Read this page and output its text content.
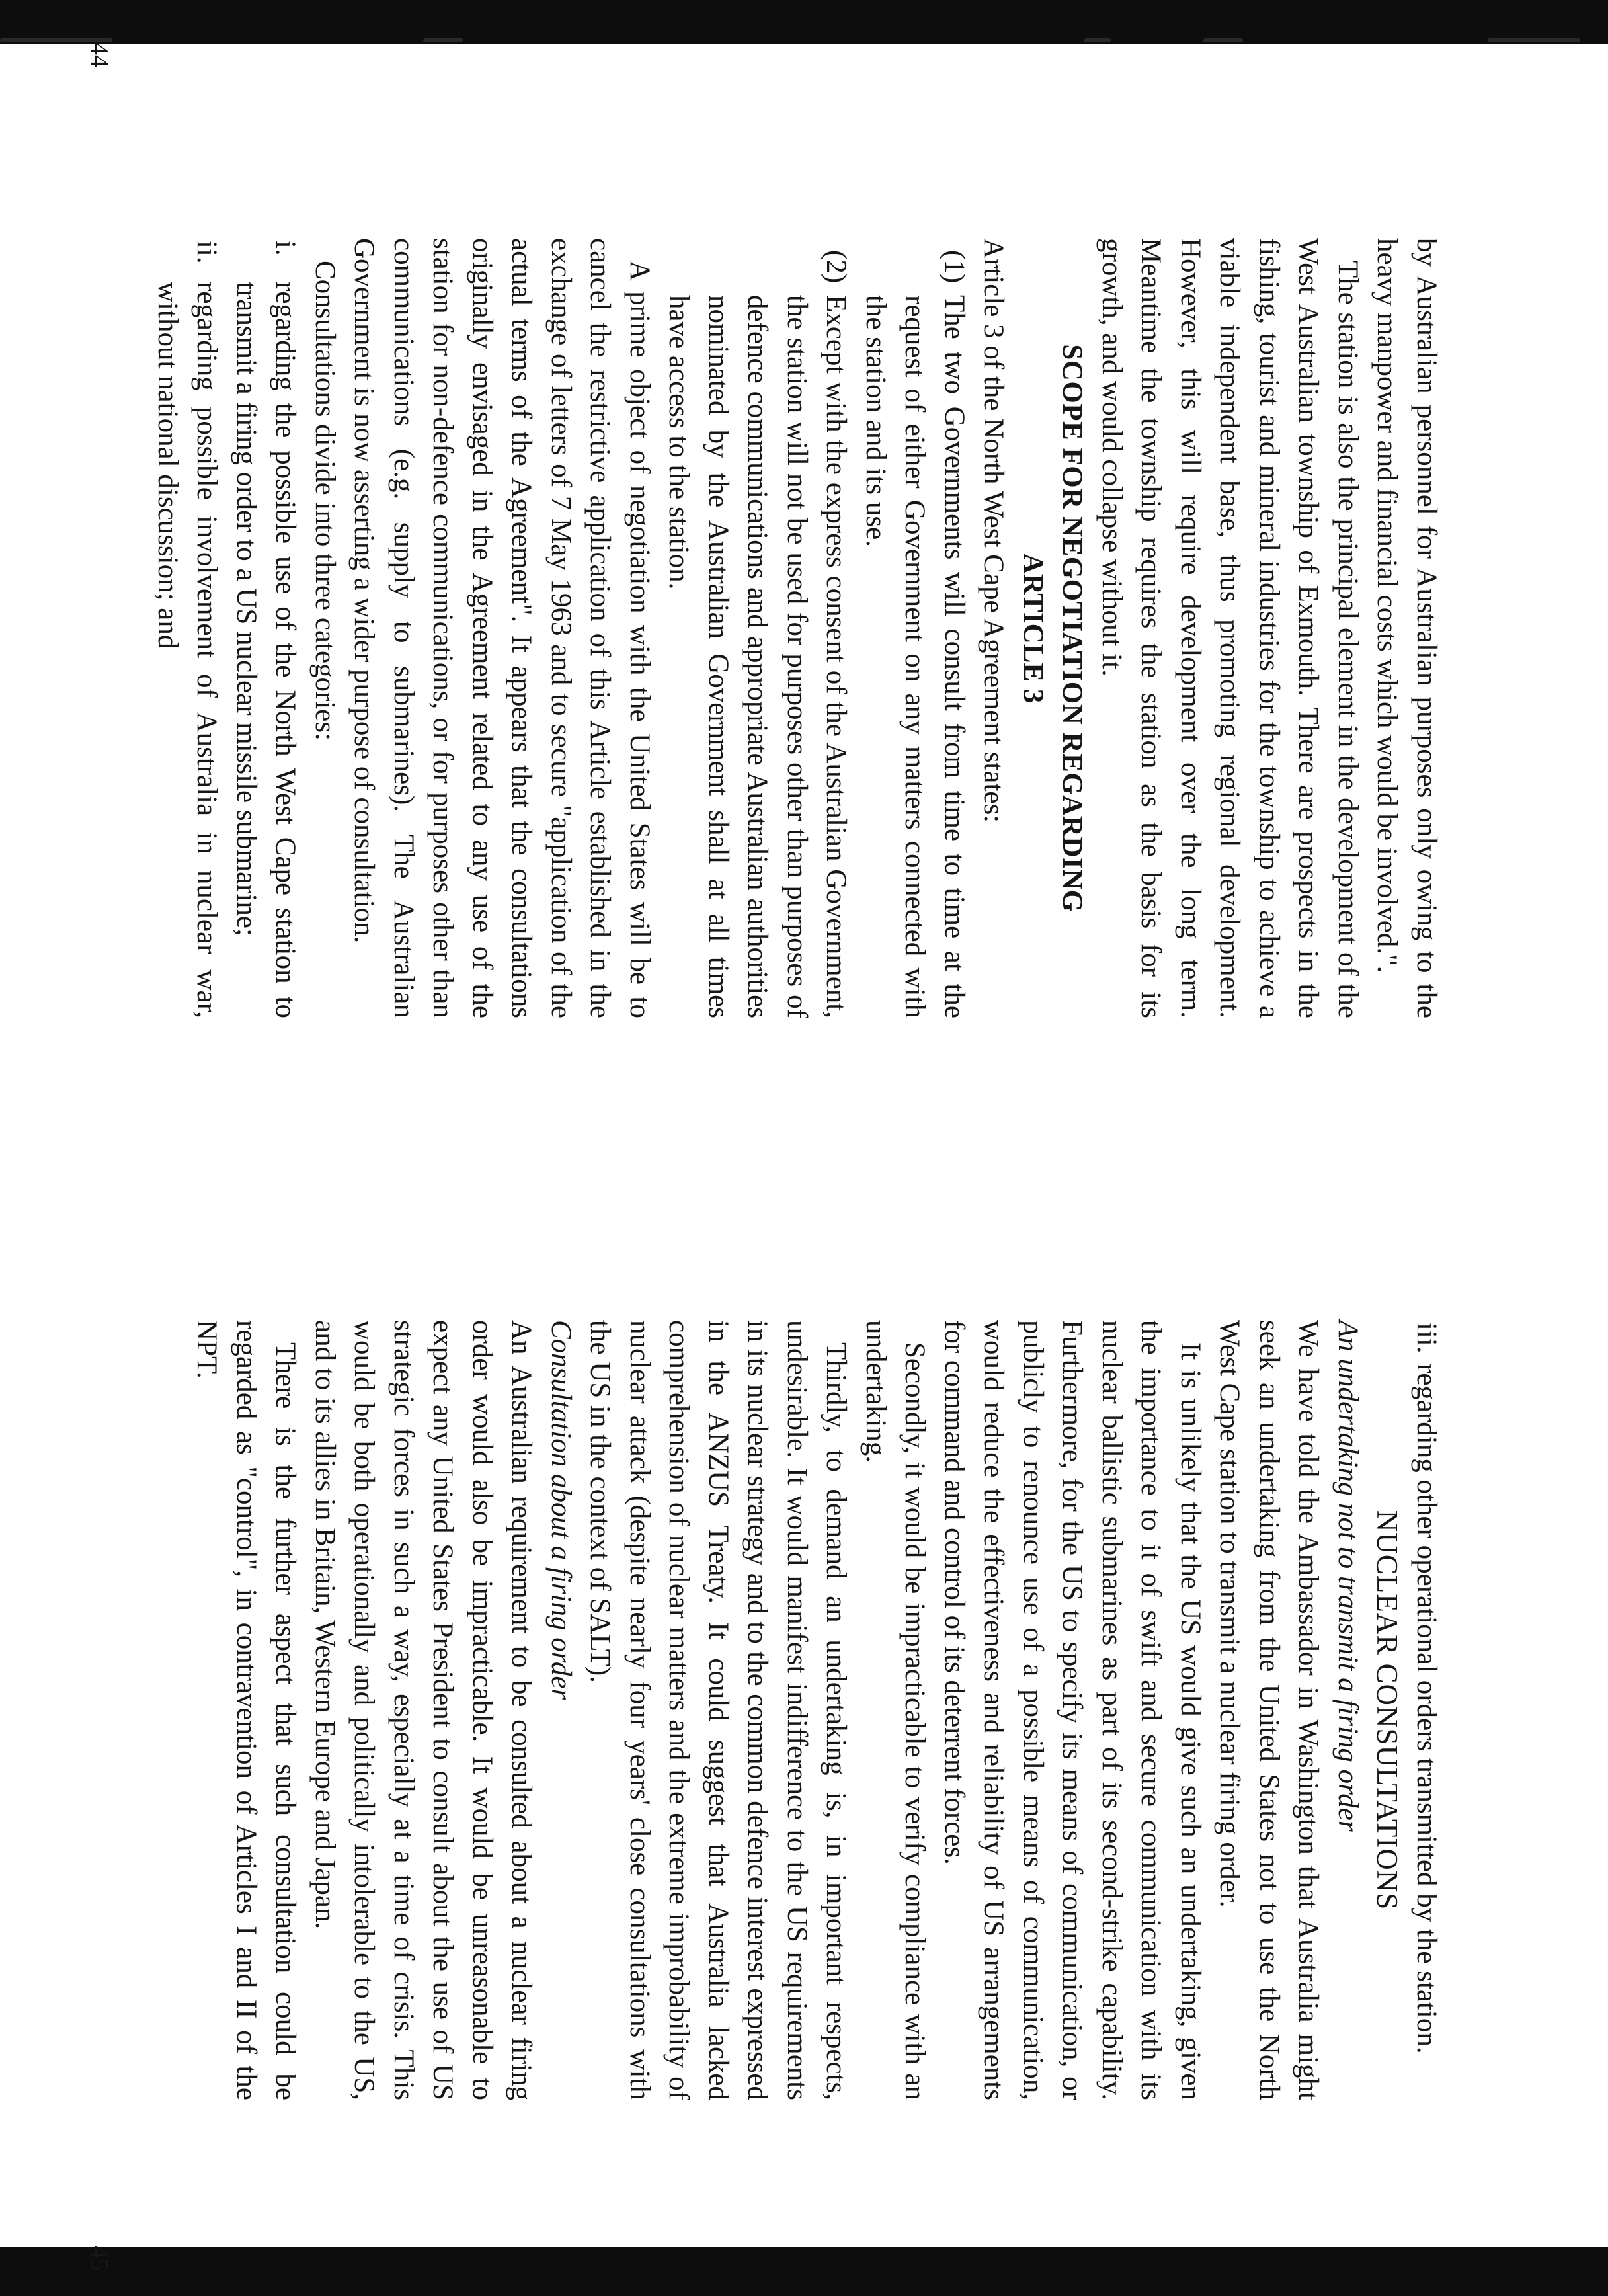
by Australian personnel for Australian purposes only owing to the heavy manpower and financial costs which would be involved.".

The station is also the principal element in the development of the West Australian township of Exmouth. There are prospects in the fishing, tourist and mineral industries for the township to achieve a viable independent base, thus promoting regional development. However, this will require development over the long term. Meantime the township requires the station as the basis for its growth, and would collapse without it.

SCOPE FOR NEGOTIATION REGARDING

ARTICLE 3

Article 3 of the North West Cape Agreement states:

(1)

The two Governments will consult from time to time at the request of either Government on any matters connected with the station and its use.

(2)

Except with the express consent of the Australian Government, the station will not be used for purposes other than purposes of defence communications and appropriate Australian authorities nominated by the Australian Government shall at all times have access to the station.

A prime object of negotiation with the United States will be to cancel the restrictive application of this Article established in the exchange of letters of 7 May 1963 and to secure "application of the actual terms of the Agreement". It appears that the consultations originally envisaged in the Agreement related to any use of the station for non-defence communications, or for purposes other than communications (e.g. supply to submarines). The Australian Government is now asserting a wider purpose of consultation.

Consultations divide into three categories:

i.

regarding the possible use of the North West Cape station to transmit a firing order to a US nuclear missile submarine;

ii.

regarding possible involvement of Australia in nuclear war, without national discussion; and

44
iii.

regarding other operational orders transmitted by the station.

NUCLEAR CONSULTATIONS

An undertaking not to transmit a firing order

We have told the Ambassador in Washington that Australia might seek an undertaking from the United States not to use the North West Cape station to transmit a nuclear firing order.

It is unlikely that the US would give such an undertaking, given the importance to it of swift and secure communication with its nuclear ballistic submarines as part of its second-strike capability. Furthermore, for the US to specify its means of communication, or publicly to renounce use of a possible means of communication, would reduce the effectiveness and reliability of US arrangements for command and control of its deterrent forces.

Secondly, it would be impracticable to verify compliance with an undertaking.

Thirdly, to demand an undertaking is, in important respects, undesirable. It would manifest indifference to the US requirements in its nuclear strategy and to the common defence interest expressed in the ANZUS Treaty. It could suggest that Australia lacked comprehension of nuclear matters and the extreme improbability of nuclear attack (despite nearly four years' close consultations with the US in the context of SALT).

Consultation about a firing order

An Australian requirement to be consulted about a nuclear firing order would also be impracticable. It would be unreasonable to expect any United States President to consult about the use of US strategic forces in such a way, especially at a time of crisis. This would be both operationally and politically intolerable to the US, and to its allies in Britain, Western Europe and Japan.

There is the further aspect that such consultation could be regarded as "control", in contravention of Articles I and II of the NPT.

45
